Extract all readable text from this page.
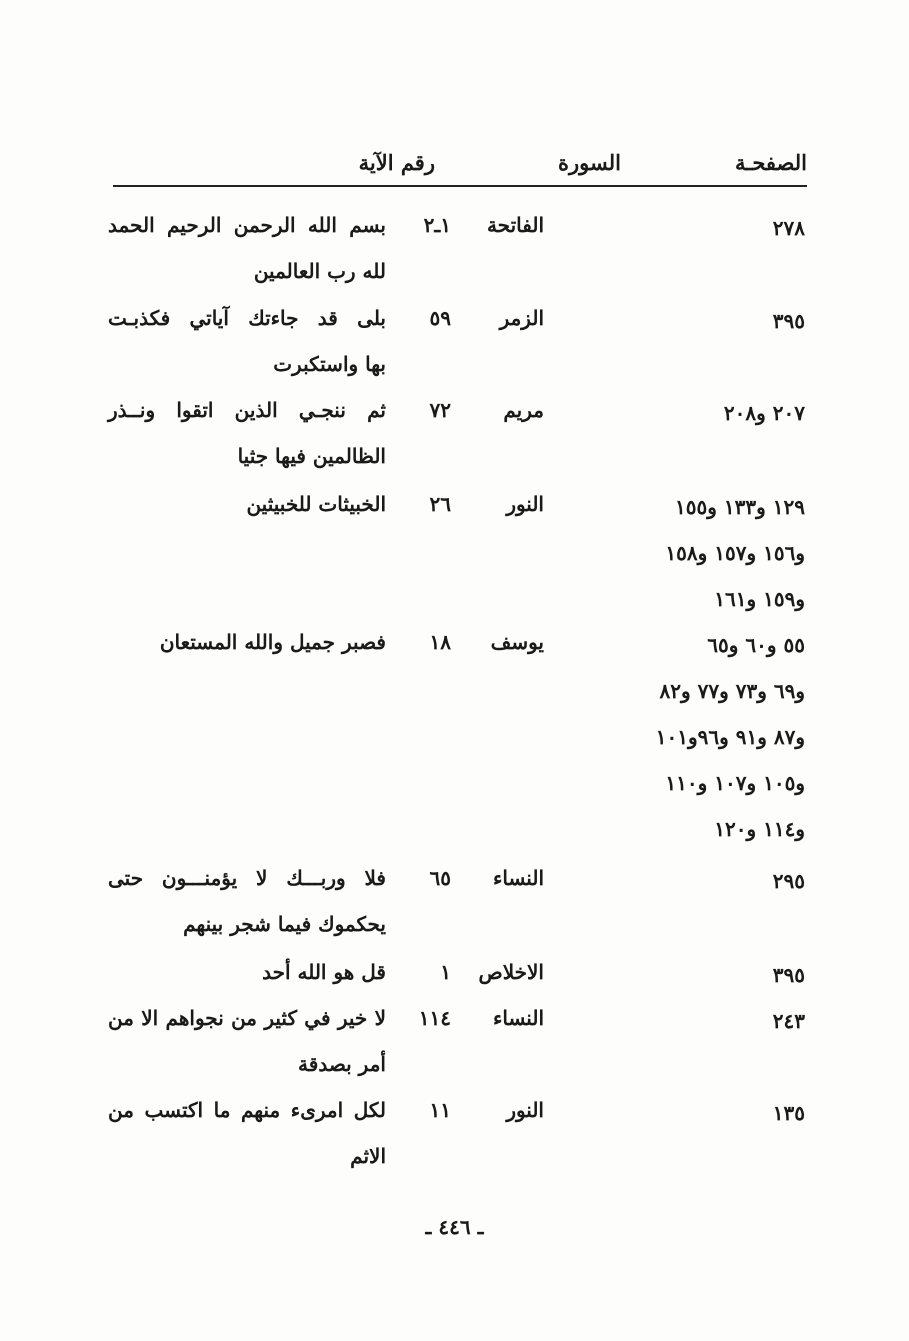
الصفحـة
السورة
رقم الآية
٢٧٨
الفاتحة
١ـ٢
بسم الله الرحمن الرحيم الحمد
لله رب العالمين
٣٩٥
الزمر
٥٩
بلى قد جاءتك آياتي فكذبـت
بها واستكبرت
٢٠٧ و٢٠٨
مريم
٧٢
ثم ننجـي الذين اتقوا ونــذر
الظالمين فيها جثيا
١٢٩ و١٣٣ و١٥٥
و١٥٦ و١٥٧ و١٥٨
و١٥٩ و١٦١
النور
٢٦
الخبيثات للخبيثين
٥٥ و٦٠ و٦٥
و٦٩ و٧٣ و٧٧ و٨٢
و٨٧ و٩١ و٩٦و١٠١
و١٠٥ و١٠٧ و١١٠
و١١٤ و١٢٠
يوسف
١٨
فصبر جميل والله المستعان
٢٩٥
النساء
٦٥
فلا وربـــك لا يؤمنـــون حتى
يحكموك فيما شجر بينهم
٣٩٥
الاخلاص
١
قل هو الله أحد
٢٤٣
النساء
١١٤
لا خير في كثير من نجواهم الا من
أمر بصدقة
١٣٥
النور
١١
لكل امرىء منهم ما اكتسب من
الاثم
ـ ٤٤٦ ـ
